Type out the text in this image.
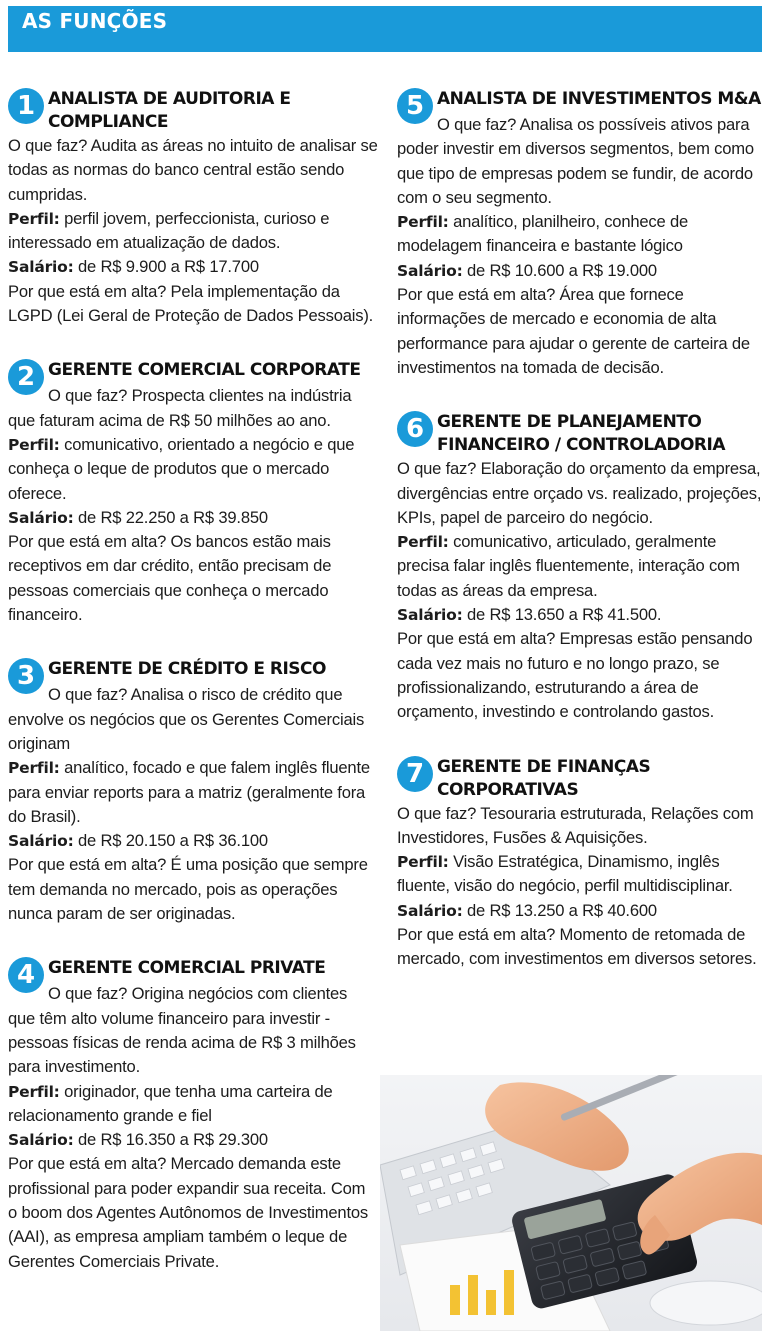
AS FUNÇÕES
1 ANALISTA DE AUDITORIA E COMPLIANCE

O que faz? Audita as áreas no intuito de analisar se todas as normas do banco central estão sendo cumpridas.

Perfil: perfil jovem, perfeccionista, curioso e interessado em atualização de dados.

Salário: de R$ 9.900 a R$ 17.700

Por que está em alta? Pela implementação da LGPD (Lei Geral de Proteção de Dados Pessoais).

2 GERENTE COMERCIAL CORPORATE

O que faz? Prospecta clientes na indústria que faturam acima de R$ 50 milhões ao ano.

Perfil: comunicativo, orientado a negócio e que conheça o leque de produtos que o mercado oferece.

Salário: de R$ 22.250 a R$ 39.850

Por que está em alta? Os bancos estão mais receptivos em dar crédito, então precisam de pessoas comerciais que conheça o mercado financeiro.

3 GERENTE DE CRÉDITO E RISCO

O que faz? Analisa o risco de crédito que envolve os negócios que os Gerentes Comerciais originam

Perfil: analítico, focado e que falem inglês fluente para enviar reports para a matriz (geralmente fora do Brasil).

Salário: de R$ 20.150 a R$ 36.100

Por que está em alta? É uma posição que sempre tem demanda no mercado, pois as operações nunca param de ser originadas.

4 GERENTE COMERCIAL PRIVATE

O que faz? Origina negócios com clientes que têm alto volume financeiro para investir - pessoas físicas de renda acima de R$ 3 milhões para investimento.

Perfil: originador, que tenha uma carteira de relacionamento grande e fiel

Salário: de R$ 16.350 a R$ 29.300

Por que está em alta? Mercado demanda este profissional para poder expandir sua receita. Com o boom dos Agentes Autônomos de Investimentos (AAI), as empresa ampliam também o leque de Gerentes Comerciais Private.

5 ANALISTA DE INVESTIMENTOS M&A

O que faz? Analisa os possíveis ativos para poder investir em diversos segmentos, bem como que tipo de empresas podem se fundir, de acordo com o seu segmento.

Perfil: analítico, planilheiro, conhece de modelagem financeira e bastante lógico

Salário: de R$ 10.600 a R$ 19.000

Por que está em alta? Área que fornece informações de mercado e economia de alta performance para ajudar o gerente de carteira de investimentos na tomada de decisão.

6 GERENTE DE PLANEJAMENTO FINANCEIRO / CONTROLADORIA

O que faz? Elaboração do orçamento da empresa, divergências entre orçado vs. realizado, projeções, KPIs, papel de parceiro do negócio.

Perfil: comunicativo, articulado, geralmente precisa falar inglês fluentemente, interação com todas as áreas da empresa.

Salário: de R$ 13.650 a R$ 41.500.

Por que está em alta? Empresas estão pensando cada vez mais no futuro e no longo prazo, se profissionalizando, estruturando a área de orçamento, investindo e controlando gastos.

7 GERENTE DE FINANÇAS CORPORATIVAS

O que faz? Tesouraria estruturada, Relações com Investidores, Fusões & Aquisições.

Perfil: Visão Estratégica, Dinamismo, inglês fluente, visão do negócio, perfil multidisciplinar.

Salário: de R$ 13.250 a R$ 40.600

Por que está em alta? Momento de retomada de mercado, com investimentos em diversos setores.
